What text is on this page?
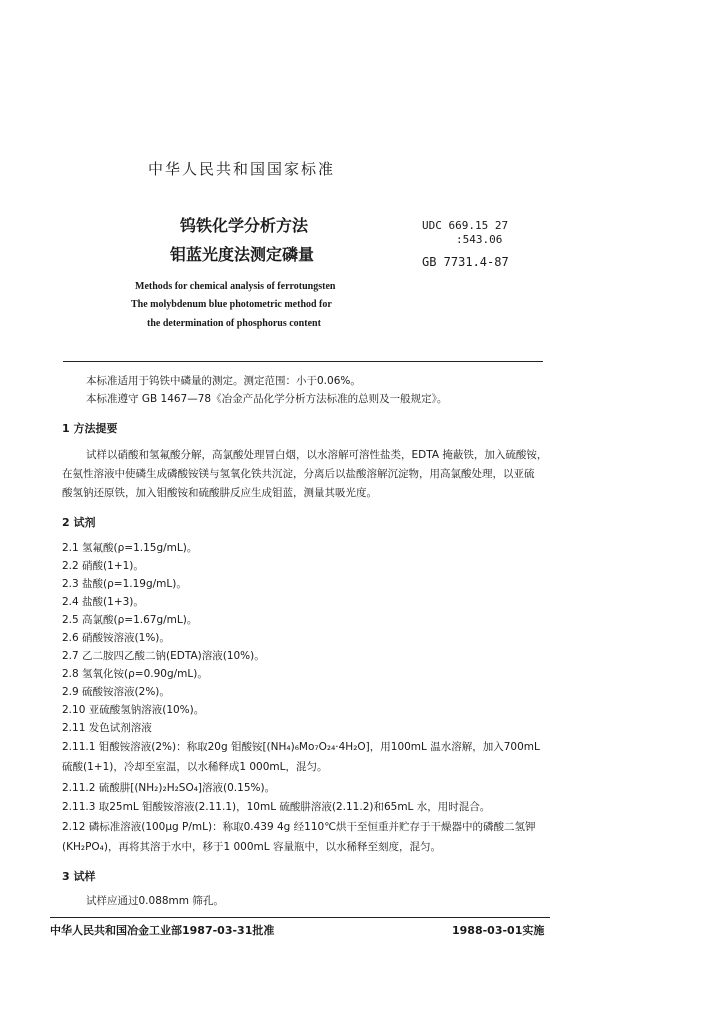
中华人民共和国国家标准
钨铁化学分析方法
钼蓝光度法测定磷量
UDC 669.15 27
:543.06
GB 7731.4-87
Methods for chemical analysis of ferrotungsten
The molybdenum blue photometric method for
the determination of phosphorus content
本标准适用于钨铁中磷量的测定。测定范围：小于0.06%。
本标准遵守 GB 1467—78《冶金产品化学分析方法标准的总则及一般规定》。
1 方法提要
试样以硝酸和氢氟酸分解，高氯酸处理冒白烟，以水溶解可溶性盐类，EDTA 掩蔽铁，加入硫酸铵，
在氨性溶液中使磷生成磷酸铵镁与氢氧化铁共沉淀，分离后以盐酸溶解沉淀物，用高氯酸处理，以亚硫
酸氢钠还原铁，加入钼酸铵和硫酸肼反应生成钼蓝，测量其吸光度。
2 试剂
2.1 氢氟酸(ρ=1.15g/mL)。
2.2 硝酸(1+1)。
2.3 盐酸(ρ=1.19g/mL)。
2.4 盐酸(1+3)。
2.5 高氯酸(ρ=1.67g/mL)。
2.6 硝酸铵溶液(1%)。
2.7 乙二胺四乙酸二钠(EDTA)溶液(10%)。
2.8 氢氧化铵(ρ=0.90g/mL)。
2.9 硫酸铵溶液(2%)。
2.10 亚硫酸氢钠溶液(10%)。
2.11 发色试剂溶液
2.11.1 钼酸铵溶液(2%)：称取20g 钼酸铵[(NH₄)₆Mo₇O₂₄·4H₂O]，用100mL 温水溶解，加入700mL
硫酸(1+1)，冷却至室温，以水稀释成1 000mL，混匀。
2.11.2 硫酸肼[(NH₂)₂H₂SO₄]溶液(0.15%)。
2.11.3 取25mL 钼酸铵溶液(2.11.1)，10mL 硫酸肼溶液(2.11.2)和65mL 水，用时混合。
2.12 磷标准溶液(100μg P/mL)：称取0.439 4g 经110℃烘干至恒重并贮存于干燥器中的磷酸二氢钾
(KH₂PO₄)，再将其溶于水中，移于1 000mL 容量瓶中，以水稀释至刻度，混匀。
3 试样
试样应通过0.088mm 筛孔。
中华人民共和国冶金工业部1987-03-31批准	1988-03-01实施
